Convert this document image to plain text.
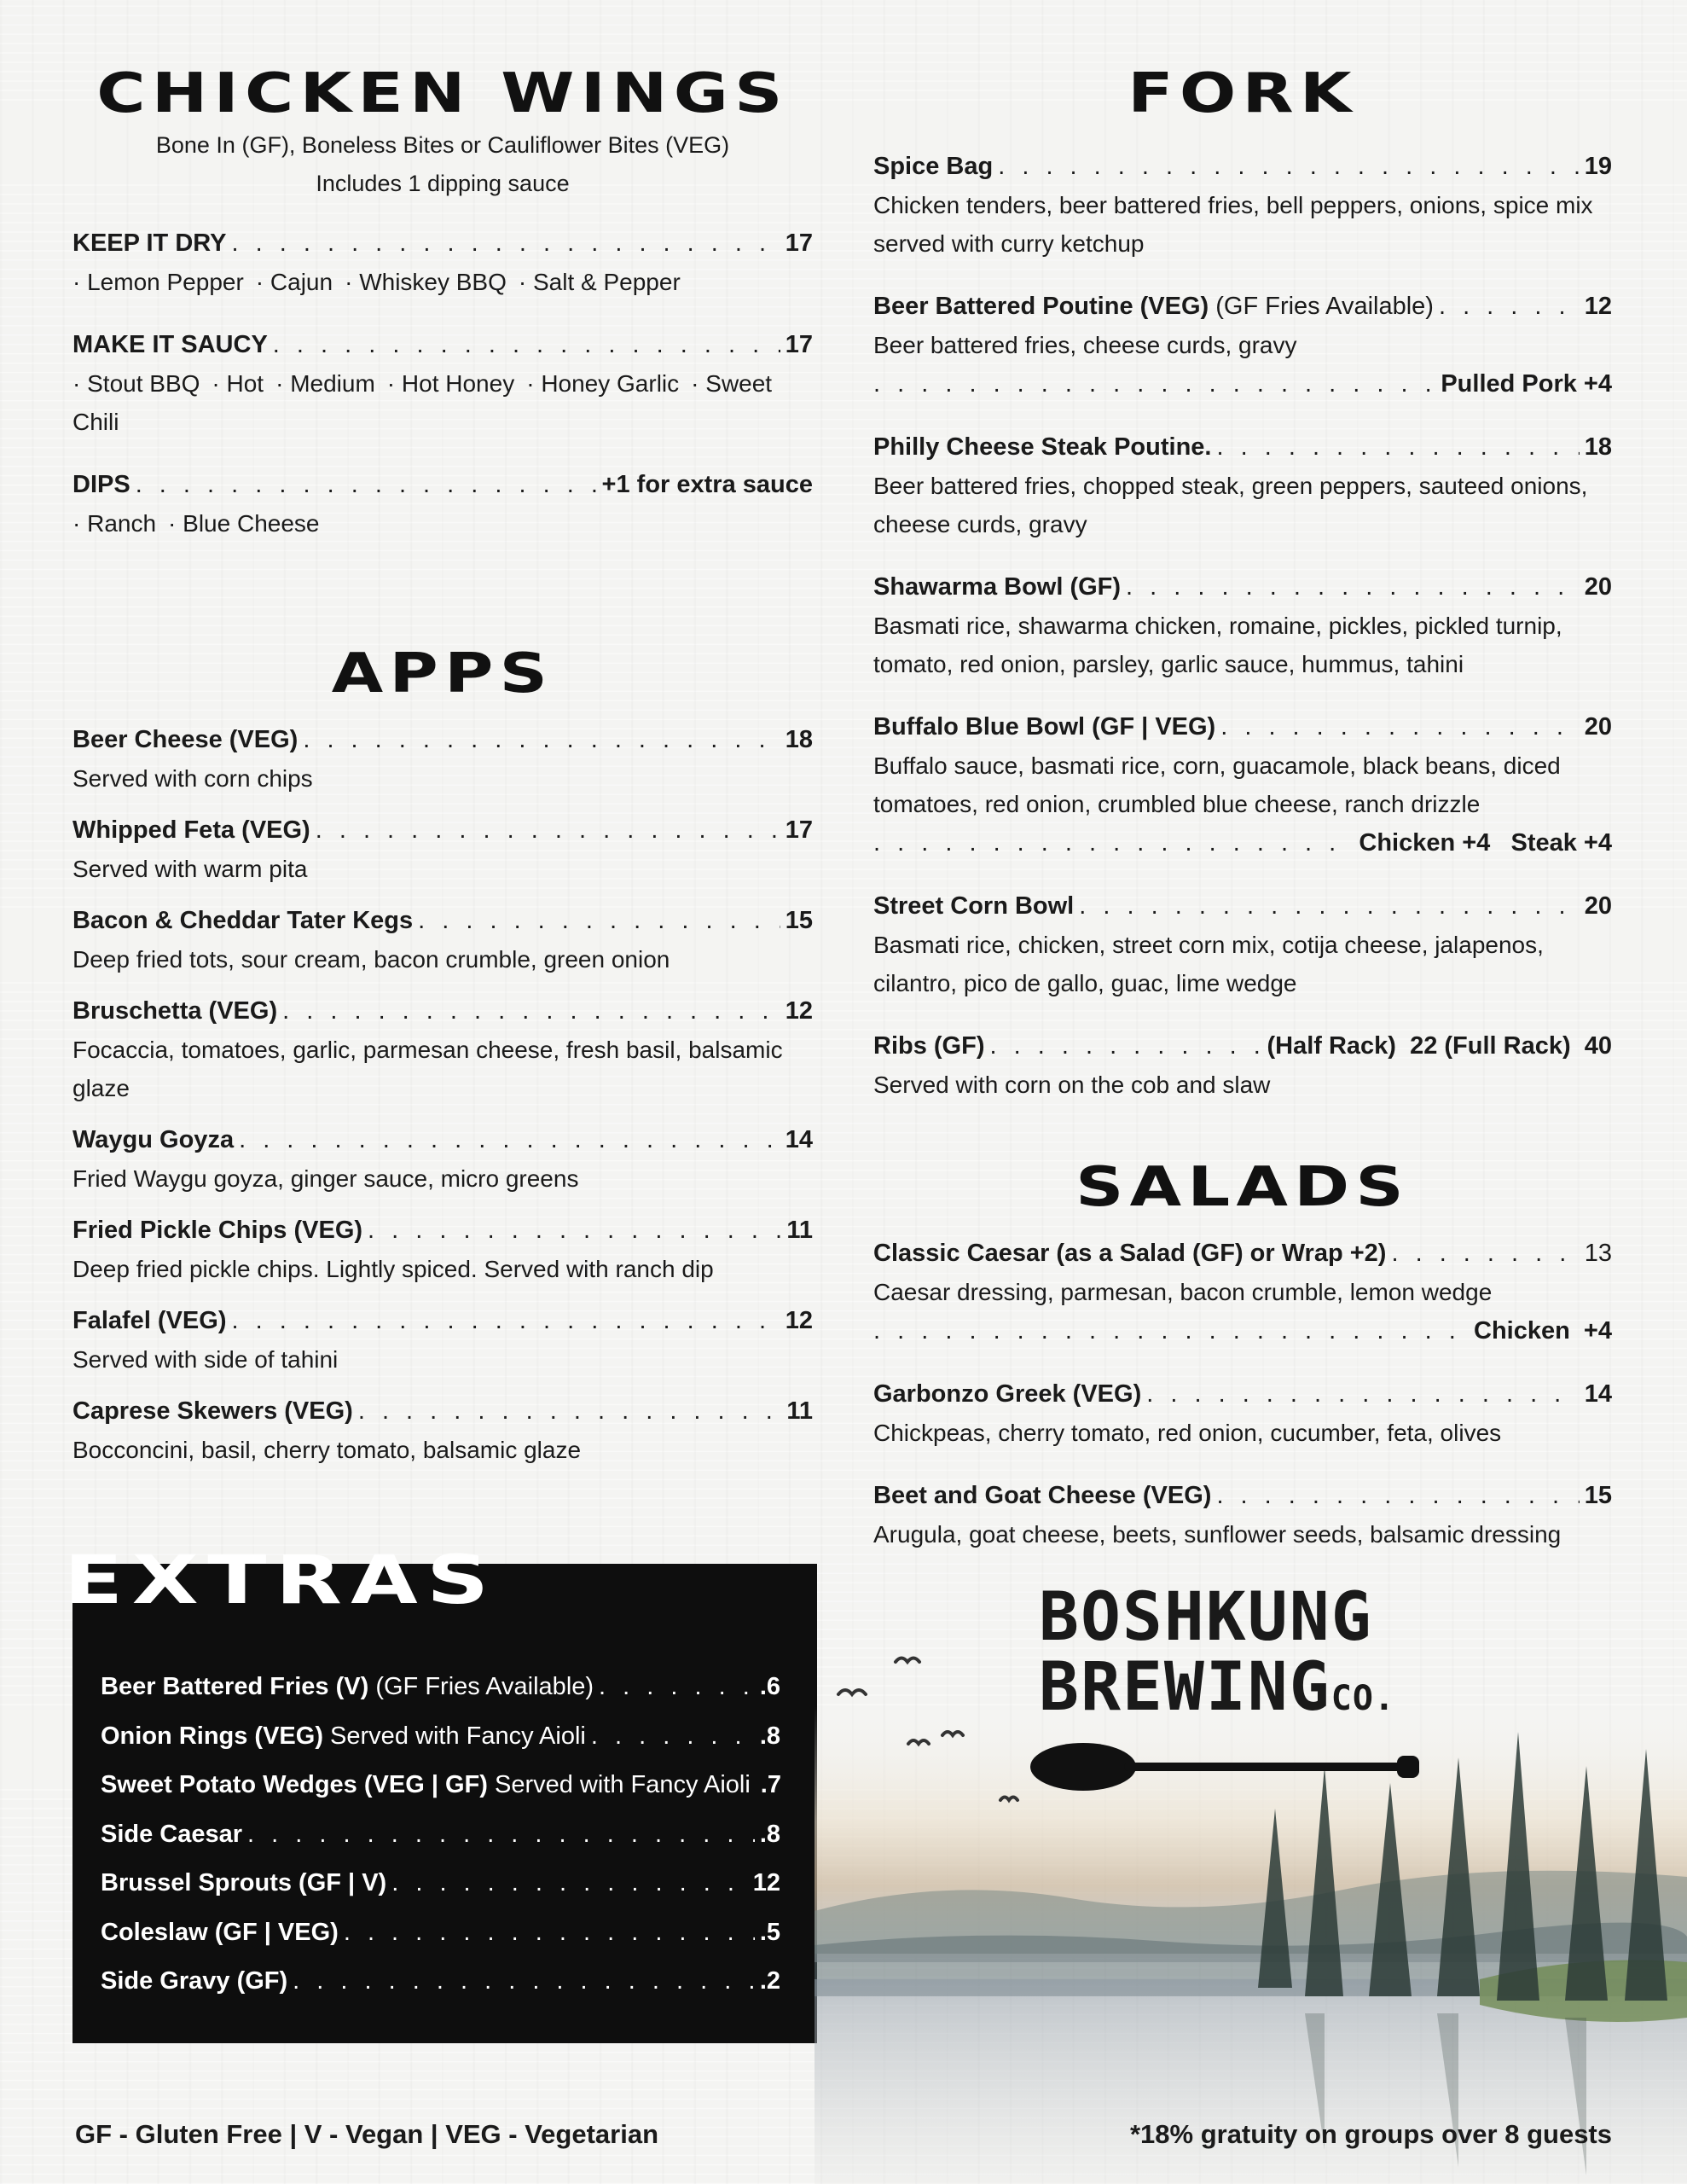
CHICKEN WINGS
Bone In (GF), Boneless Bites or Cauliflower Bites (VEG)
Includes 1 dipping sauce
KEEP IT DRY . . .	17
· Lemon Pepper · Cajun · Whiskey BBQ · Salt & Pepper
MAKE IT SAUCY . . .	17
· Stout BBQ · Hot · Medium · Hot Honey · Honey Garlic · Sweet Chili
DIPS . . .	+1 for extra sauce
· Ranch · Blue Cheese
APPS
Beer Cheese (VEG) . . .	18
Served with corn chips
Whipped Feta (VEG) . . .	17
Served with warm pita
Bacon & Cheddar Tater Kegs . . .	15
Deep fried tots, sour cream, bacon crumble, green onion
Bruschetta (VEG) . . .	12
Focaccia, tomatoes, garlic, parmesan cheese, fresh basil, balsamic glaze
Waygu Goyza . . .	14
Fried Waygu goyza, ginger sauce, micro greens
Fried Pickle Chips (VEG) . . .	11
Deep fried pickle chips. Lightly spiced. Served with ranch dip
Falafel (VEG) . . .	12
Served with side of tahini
Caprese Skewers (VEG) . . .	11
Bocconcini, basil, cherry tomato, balsamic glaze
EXTRAS
Beer Battered Fries (V) (GF Fries Available) . . .	.6
Onion Rings (VEG) Served with Fancy Aioli . . .	.8
Sweet Potato Wedges (VEG | GF) Served with Fancy Aioli .7
Side Caesar . . .	.8
Brussel Sprouts (GF | V) . . .	12
Coleslaw (GF | VEG) . . .	.5
Side Gravy (GF) . . .	.2
FORK
Spice Bag . . .	19
Chicken tenders, beer battered fries, bell peppers, onions, spice mix served with curry ketchup
Beer Battered Poutine (VEG) (GF Fries Available) . . .	12
Beer battered fries, cheese curds, gravy
. . .
Pulled Pork +4
Philly Cheese Steak Poutine. . . .	18
Beer battered fries, chopped steak, green peppers, sauteed onions, cheese curds, gravy
Shawarma Bowl (GF) . . .	20
Basmati rice, shawarma chicken, romaine, pickles, pickled turnip, tomato, red onion, parsley, garlic sauce, hummus, tahini
Buffalo Blue Bowl (GF | VEG) . . .	20
Buffalo sauce, basmati rice, corn, guacamole, black beans, diced tomatoes, red onion, crumbled blue cheese, ranch drizzle
. . .
Chicken +4   Steak +4
Street Corn Bowl . . .	20
Basmati rice, chicken, street corn mix, cotija cheese, jalapenos, cilantro, pico de gallo, guac, lime wedge
Ribs (GF) . . .	(Half Rack)  22 (Full Rack)  40
Served with corn on the cob and slaw
SALADS
Classic Caesar (as a Salad (GF) or Wrap +2) . . .	13
Caesar dressing, parmesan, bacon crumble, lemon wedge
. . .
Chicken  +4
Garbonzo Greek (VEG) . . .	14
Chickpeas, cherry tomato, red onion, cucumber, feta, olives
Beet and Goat Cheese (VEG) . . .	15
Arugula, goat cheese, beets, sunflower seeds, balsamic dressing
BOSHKUNG
BREWINGCO.
GF - Gluten Free | V - Vegan | VEG - Vegetarian	*18% gratuity on groups over 8 guests
